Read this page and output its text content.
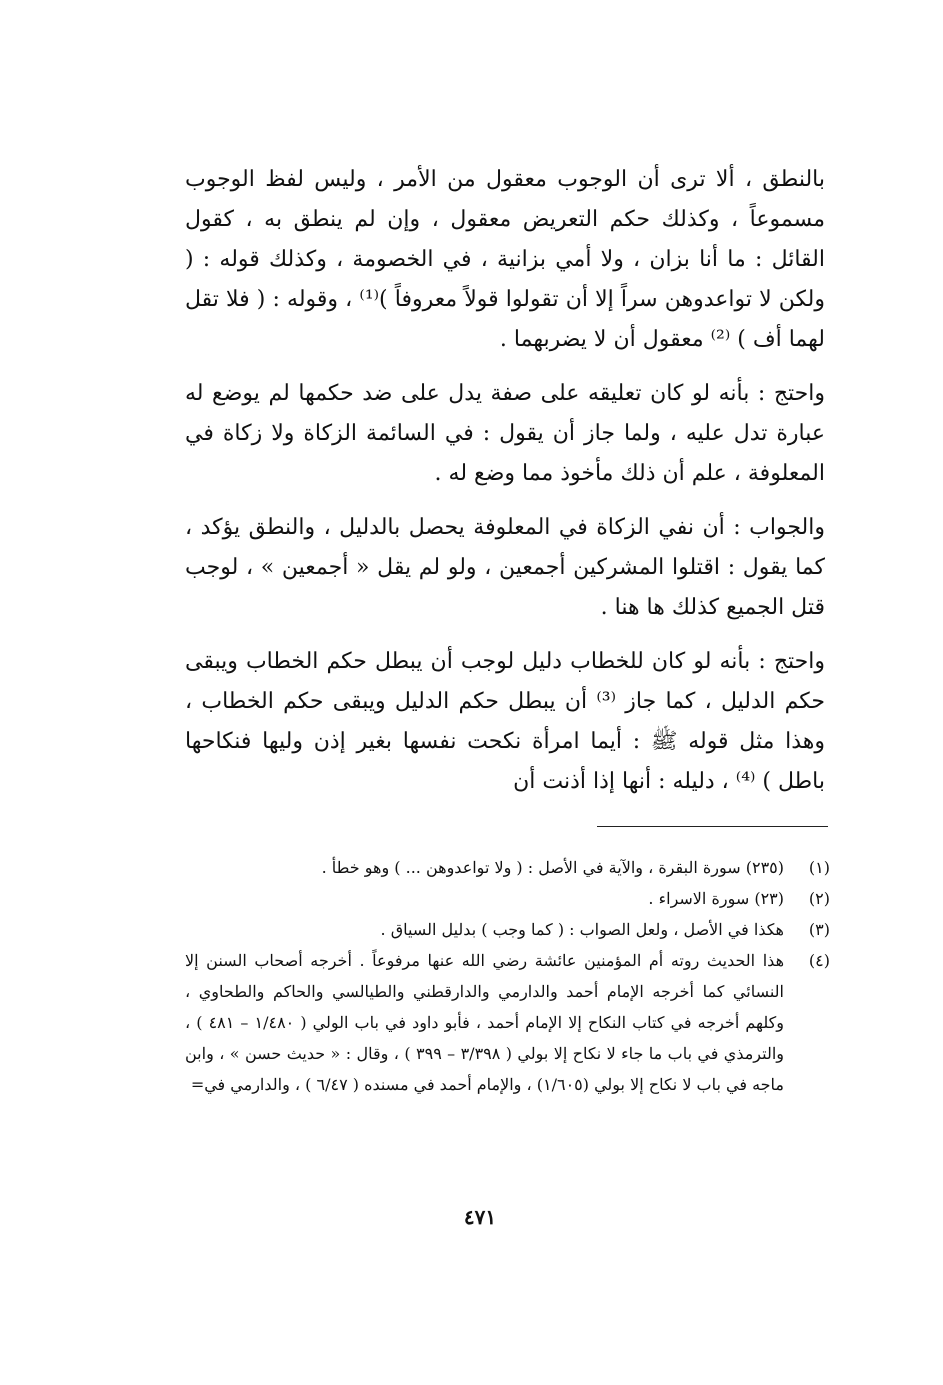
بالنطق ، ألا ترى أن الوجوب معقول من الأمر ، وليس لفظ الوجوب مسموعاً ، وكذلك حكم التعريض معقول ، وإن لم ينطق به ، كقول القائل : ما أنا بزان ، ولا أمي بزانية ، في الخصومة ، وكذلك قوله : ( ولكن لا تواعدوهن سراً إلا أن تقولوا قولاً معروفاً )⁽¹⁾ ، وقوله : ( فلا تقل لهما أف ) ⁽²⁾ معقول أن لا يضربهما .

واحتج : بأنه لو كان تعليقه على صفة يدل على ضد حكمها لم يوضع له عبارة تدل عليه ، ولما جاز أن يقول : في السائمة الزكاة ولا زكاة في المعلوفة ، علم أن ذلك مأخوذ مما وضع له .

والجواب : أن نفي الزكاة في المعلوفة يحصل بالدليل ، والنطق يؤكد ، كما يقول : اقتلوا المشركين أجمعين ، ولو لم يقل « أجمعين » ، لوجب قتل الجميع كذلك ها هنا .

واحتج : بأنه لو كان للخطاب دليل لوجب أن يبطل حكم الخطاب ويبقى حكم الدليل ، كما جاز ⁽³⁾ أن يبطل حكم الدليل ويبقى حكم الخطاب ، وهذا مثل قوله ﷺ : أيما امرأة نكحت نفسها بغير إذن وليها فنكاحها باطل ) ⁽⁴⁾ ، دليله : أنها إذا أذنت أن

(١)
(٢٣٥) سورة البقرة ، والآية في الأصل : ( ولا تواعدوهن ... ) وهو خطأ .
(٢)
(٢٣) سورة الاسراء .
(٣)
هكذا في الأصل ، ولعل الصواب : ( كما وجب ) بدليل السياق .
(٤)
هذا الحديث روته أم المؤمنين عائشة رضي الله عنها مرفوعاً . أخرجه أصحاب السنن إلا النسائي كما أخرجه الإمام أحمد والدارمي والدارقطني والطيالسي والحاكم والطحاوي ، وكلهم أخرجه في كتاب النكاح إلا الإمام أحمد ، فأبو داود في باب الولي ( ١/٤٨٠ – ٤٨١ ) ، والترمذي في باب ما جاء لا نكاح إلا بولي ( ٣/٣٩٨ – ٣٩٩ ) ، وقال : « حديث حسن » ، وابن ماجه في باب لا نكاح إلا بولي (١/٦٠٥) ، والإمام أحمد في مسنده ( ٦/٤٧ ) ، والدارمي في=
٤٧١
